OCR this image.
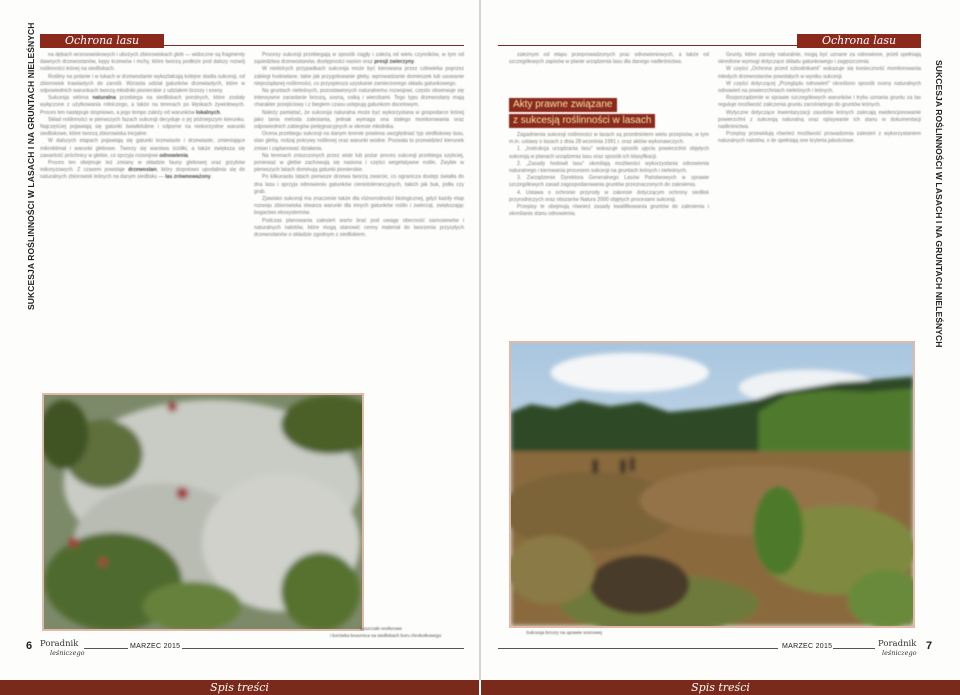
SUKCESJA ROŚLINNOŚCI W LASACH I NA GRUNTACH NIELEŚNYCH	SUKCESJA ROŚLINNOŚCI W LASACH I NA GRUNTACH NIELEŚNYCH
Ochrona lasu	Ochrona lasu

na dębach wrzosowiskowych i ubożych zbiorowiskach gleb — widoczne są fragmenty dawnych drzewostanów, kępy krzewów i mchy, które tworzą podłoże pod dalszy rozwój roślinności leśnej na siedliskach.

Rośliny na polanie i w lukach w drzewostanie wykształcają kolejne stadia sukcesji, od zbiorowisk trawiastych do zarośli. Wzrasta udział gatunków drzewiastych, które w odpowiednich warunkach tworzą młodniki pionierskie z udziałem brzozy i sosny.

Sukcesja wtórna naturalna przebiega na siedliskach porolnych, które zostały wyłączone z użytkowania rolniczego, a także na terenach po klęskach żywiołowych. Proces ten następuje stopniowo, a jego tempo zależy od warunków lokalnych.

Skład roślinności w pierwszych fazach sukcesji decyduje o jej późniejszym kierunku. Najczęściej pojawiają się gatunki światłolubne i odporne na niekorzystne warunki siedliskowe, które tworzą zbiorowiska inicjalne.

W dalszych etapach pojawiają się gatunki krzewiaste i drzewiaste, zmieniające mikroklimat i warunki glebowe. Tworzy się warstwa ściółki, a także zwiększa się zawartość próchnicy w glebie, co sprzyja rozwojowi odnowienia.

Proces ten obejmuje też zmiany w składzie fauny glebowej oraz grzybów mikoryzowych. Z czasem powstaje drzewostan, który stopniowo upodabnia się do naturalnych zbiorowisk leśnych na danym siedlisku — las zrównoważony.

Procesy sukcesji przebiegają w sposób ciągły i zależą od wielu czynników, w tym od sąsiedztwa drzewostanów, dostępności nasion oraz presji zwierzyny.

W niektórych przypadkach sukcesja może być kierowana przez człowieka poprzez zabiegi hodowlane, takie jak przygotowanie gleby, wprowadzanie domieszek lub usuwanie niepożądanej roślinności, co przyspiesza uzyskanie zamierzonego składu gatunkowego.

Na gruntach nieleśnych, pozostawionych naturalnemu rozwojowi, często obserwuje się intensywne zarastanie brzozą, sosną, osiką i wierzbami. Tego typu drzewostany mają charakter przejściowy i z biegiem czasu ustępują gatunkom docelowym.

Należy pamiętać, że sukcesja naturalna może być wykorzystana w gospodarce leśnej jako tania metoda zalesiania, jednak wymaga ona stałego monitorowania oraz odpowiednich zabiegów pielęgnacyjnych w okresie młodnika.

Ocena przebiegu sukcesji na danym terenie powinna uwzględniać typ siedliskowy lasu, stan gleby, rodzaj pokrywy roślinnej oraz warunki wodne. Pozwala to przewidzieć kierunek zmian i zaplanować działania.

Na terenach zniszczonych przez wiatr lub pożar proces sukcesji przebiega szybciej, ponieważ w glebie zachowują się nasiona i części wegetatywne roślin. Zwykle w pierwszych latach dominują gatunki pionierskie.

Po kilkunastu latach pierwsze drzewa tworzą zwarcie, co ogranicza dostęp światła do dna lasu i sprzyja odnowieniu gatunków cieniotolerancyjnych, takich jak buk, jodła czy grab.

Zjawisko sukcesji ma znaczenie także dla różnorodności biologicznej, gdyż każdy etap rozwoju zbiorowiska stwarza warunki dla innych gatunków roślin i zwierząt, zwiększając bogactwo ekosystemów.

Podczas planowania zalesień warto brać pod uwagę obecność samosiewów i naturalnych nalotów, które mogą stanowić cenny materiał do tworzenia przyszłych drzewostanów o składzie zgodnym z siedliskiem.

Łuszczaki reniferowe
i borówka brusznica na siedliskach boru chrobotkowego

zależnym od etapu przeprowadzonych prac odnowieniowych, a także od szczegółowych zapisów w planie urządzenia lasu dla danego nadleśnictwa.

Akty prawne związane
z sukcesją roślinności w lasach

Zagadnienia sukcesji roślinności w lasach są przedmiotem wielu przepisów, w tym m.in. ustawy o lasach z dnia 28 września 1991 r. oraz aktów wykonawczych.

1. „Instrukcja urządzania lasu" wskazuje sposób ujęcia powierzchni objętych sukcesją w planach urządzenia lasu oraz sposób ich klasyfikacji.

2. „Zasady hodowli lasu" określają możliwości wykorzystania odnowienia naturalnego i kierowania procesem sukcesji na gruntach leśnych i nieleśnych.

3. Zarządzenie Dyrektora Generalnego Lasów Państwowych w sprawie szczegółowych zasad zagospodarowania gruntów przeznaczonych do zalesienia.

4. Ustawa o ochronie przyrody w zakresie dotyczącym ochrony siedlisk przyrodniczych oraz obszarów Natura 2000 objętych procesami sukcesji.

Przepisy te obejmują również zasady kwalifikowania gruntów do zalesienia i określania stanu odnowienia.

Grunty, które zarosły naturalnie, mogą być uznane za odnowione, jeżeli spełniają określone wymogi dotyczące składu gatunkowego i zagęszczenia.

W części „Ochrona przed szkodnikami" wskazuje się konieczność monitorowania młodych drzewostanów powstałych w wyniku sukcesji.

W części dotyczącej „Przeglądu odnowień" określono sposób oceny naturalnych odnowień na powierzchniach nieleśnych i leśnych.

Rozporządzenie w sprawie szczegółowych warunków i trybu uznania gruntu za las reguluje możliwość zaliczenia gruntu zarośniętego do gruntów leśnych.

Wytyczne dotyczące inwentaryzacji zasobów leśnych zalecają ewidencjonowanie powierzchni z sukcesją naturalną oraz opisywanie ich stanu w dokumentacji nadleśnictwa.

Przepisy przewidują również możliwość prowadzenia zalesień z wykorzystaniem naturalnych nalotów, o ile spełniają one kryteria jakościowe.

Sukcesja brzozy na uprawie sosnowej
6 Poradnik
leśniczego
MARZEC 2015	MARZEC 2015	Poradnik
leśniczego
7
Spis treści	Spis treści
